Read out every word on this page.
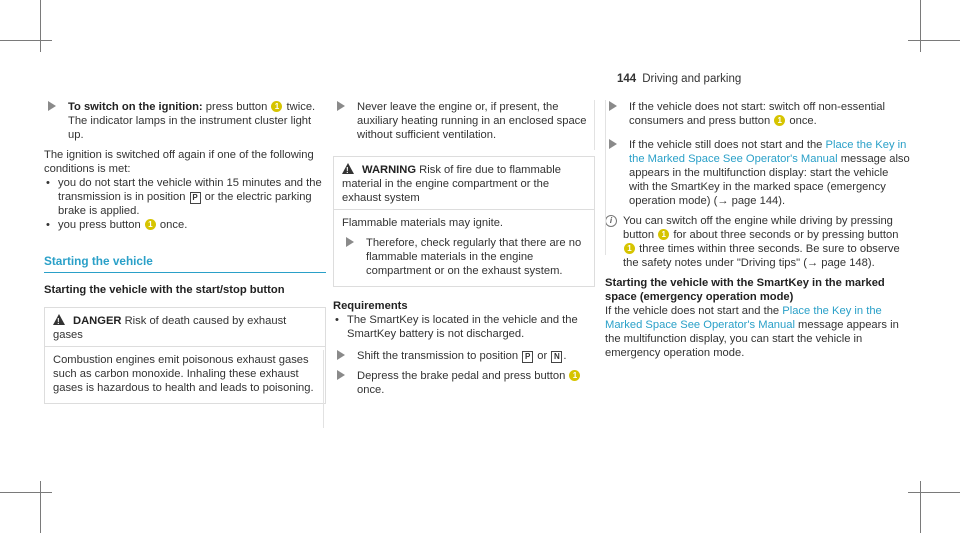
144 Driving and parking

To switch on the ignition: press button 1 twice.

The indicator lamps in the instrument cluster light up.

The ignition is switched off again if one of the following conditions is met:

• you do not start the vehicle within 15 minutes and the transmission is in position P or the electric parking brake is applied.
• you press button 1 once.
Starting the vehicle
Starting the vehicle with the start/stop button
!DANGER Risk of death caused by exhaust gases
Combustion engines emit poisonous exhaust gases such as carbon monoxide. Inhaling these exhaust gases is hazardous to health and leads to poisoning.

Never leave the engine or, if present, the auxiliary heating running in an enclosed space without sufficient ventilation.

!WARNING Risk of fire due to flammable material in the engine compartment or the exhaust system

Flammable materials may ignite.

Therefore, check regularly that there are no flammable materials in the engine compartment or on the exhaust system.

Requirements
• The SmartKey is located in the vehicle and the SmartKey battery is not discharged.

Shift the transmission to position P or N .

Depress the brake pedal and press button 1 once.

If the vehicle does not start: switch off non-essential consumers and press button 1 once.

If the vehicle still does not start and the Place the Key in the Marked Space See Operator's Manual message also appears in the multifunction display: start the vehicle with the SmartKey in the marked space (emergency operation mode) (→ page 144).

i You can switch off the engine while driving by pressing button 1 for about three seconds or by pressing button 1 three times within three seconds. Be sure to observe the safety notes under "Driving tips" (→ page 148).

Starting the vehicle with the SmartKey in the marked space (emergency operation mode)

If the vehicle does not start and the Place the Key in the Marked Space See Operator's Manual message appears in the multifunction display, you can start the vehicle in emergency operation mode.
